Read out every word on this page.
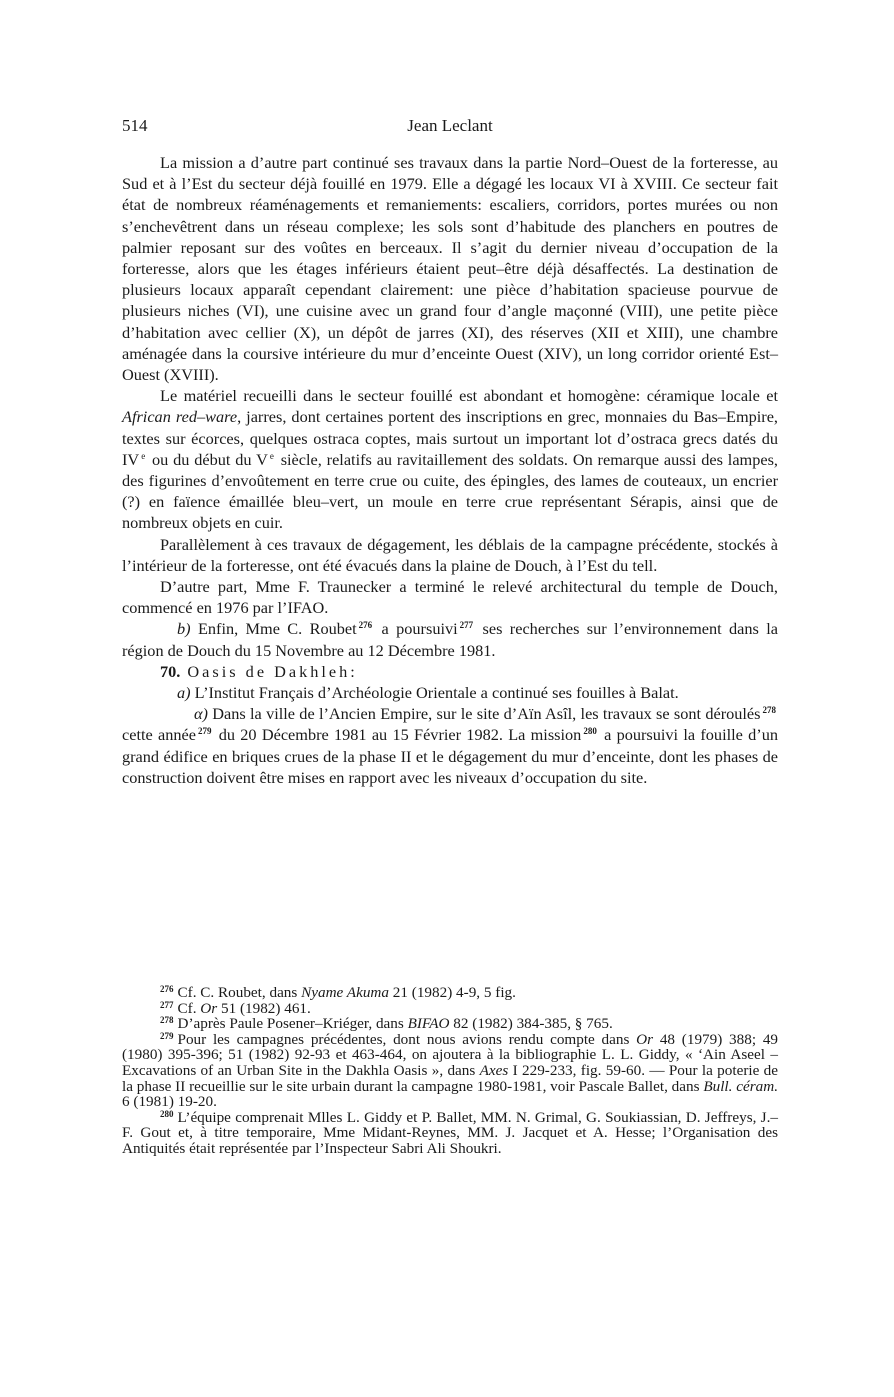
514	Jean Leclant

La mission a d’autre part continué ses travaux dans la partie Nord–Ouest de la forteresse, au Sud et à l’Est du secteur déjà fouillé en 1979. Elle a dégagé les locaux VI à XVIII. Ce secteur fait état de nombreux réaménagements et remaniements: escaliers, corridors, portes murées ou non s’enchevêtrent dans un réseau complexe; les sols sont d’habitude des planchers en poutres de palmier reposant sur des voûtes en berceaux. Il s’agit du dernier niveau d’occupation de la forteresse, alors que les étages inférieurs étaient peut–être déjà désaffectés. La destination de plusieurs locaux apparaît cependant clairement: une pièce d’habitation spacieuse pourvue de plusieurs niches (VI), une cuisine avec un grand four d’angle maçonné (VIII), une petite pièce d’habitation avec cellier (X), un dépôt de jarres (XI), des réserves (XII et XIII), une chambre aménagée dans la coursive intérieure du mur d’enceinte Ouest (XIV), un long corridor orienté Est–Ouest (XVIII).

Le matériel recueilli dans le secteur fouillé est abondant et homogène: céramique locale et African red–ware, jarres, dont certaines portent des inscriptions en grec, monnaies du Bas–Empire, textes sur écorces, quelques ostraca coptes, mais surtout un important lot d’ostraca grecs datés du IV $^e$ ou du début du V $^e$ siècle, relatifs au ravitaillement des soldats. On remarque aussi des lampes, des figurines d’envoûtement en terre crue ou cuite, des épingles, des lames de couteaux, un encrier (?) en faïence émaillée bleu–vert, un moule en terre crue représentant Sérapis, ainsi que de nombreux objets en cuir.

Parallèlement à ces travaux de dégagement, les déblais de la campagne précédente, stockés à l’intérieur de la forteresse, ont été évacués dans la plaine de Douch, à l’Est du tell.

D’autre part, Mme F. Traunecker a terminé le relevé architectural du temple de Douch, commencé en 1976 par l’IFAO.

b) Enfin, Mme C. Roubet $^{276}$ a poursuivi $^{277}$ ses recherches sur l’environnement dans la région de Douch du 15 Novembre au 12 Décembre 1981.

70. Oasis de Dakhleh:

a) L’Institut Français d’Archéologie Orientale a continué ses fouilles à Balat.

α) Dans la ville de l’Ancien Empire, sur le site d’Aïn Asîl, les travaux se sont déroulés $^{278}$ cette année $^{279}$ du 20 Décembre 1981 au 15 Février 1982. La mission $^{280}$ a poursuivi la fouille d’un grand édifice en briques crues de la phase II et le dégagement du mur d’enceinte, dont les phases de construction doivent être mises en rapport avec les niveaux d’occupation du site.

$^{276}$ Cf. C. Roubet, dans Nyame Akuma 21 (1982) 4-9, 5 fig.

$^{277}$ Cf. Or 51 (1982) 461.

$^{278}$ D’après Paule Posener–Kriéger, dans BIFAO 82 (1982) 384-385, § 765.

$^{279}$ Pour les campagnes précédentes, dont nous avions rendu compte dans Or 48 (1979) 388; 49 (1980) 395-396; 51 (1982) 92-93 et 463-464, on ajoutera à la bibliographie L. L. Giddy, « ‘Ain Aseel – Excavations of an Urban Site in the Dakhla Oasis », dans Axes I 229-233, fig. 59-60. — Pour la poterie de la phase II recueillie sur le site urbain durant la campagne 1980-1981, voir Pascale Ballet, dans Bull. céram. 6 (1981) 19-20.

$^{280}$ L’équipe comprenait Mlles L. Giddy et P. Ballet, MM. N. Grimal, G. Soukiassian, D. Jeffreys, J.–F. Gout et, à titre temporaire, Mme Midant-Reynes, MM. J. Jacquet et A. Hesse; l’Organisation des Antiquités était représentée par l’Inspecteur Sabri Ali Shoukri.
